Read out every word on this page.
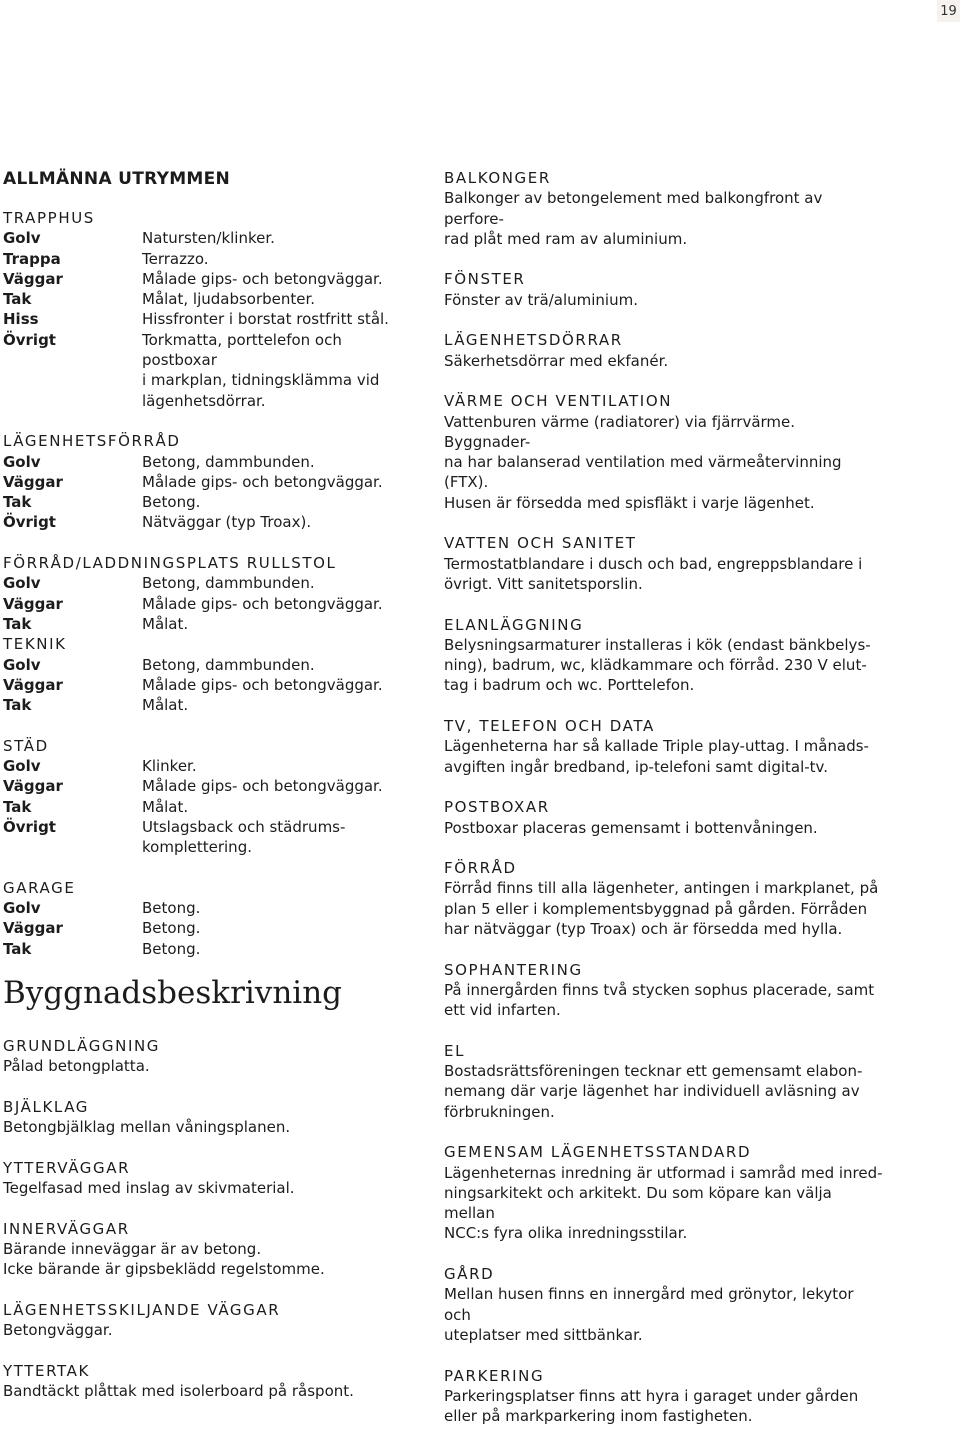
19
ALLMÄNNA UTRYMMEN
TRAPPHUS
Golv	Natursten/klinker.
Trappa	Terrazzo.
Väggar	Målade gips- och betongväggar.
Tak	Målat, ljudabsorbenter.
Hiss	Hissfronter i borstat rostfritt stål.
Övrigt	Torkmatta, porttelefon och postboxar
i markplan, tidningsklämma vid
lägenhetsdörrar.
LÄGENHETSFÖRRÅD
Golv	Betong, dammbunden.
Väggar	Målade gips- och betongväggar.
Tak	Betong.
Övrigt	Nätväggar (typ Troax).
FÖRRÅD/LADDNINGSPLATS RULLSTOL
Golv	Betong, dammbunden.
Väggar	Målade gips- och betongväggar.
Tak	Målat.
TEKNIK
Golv	Betong, dammbunden.
Väggar	Målade gips- och betongväggar.
Tak	Målat.
STÄD
Golv	Klinker.
Väggar	Målade gips- och betongväggar.
Tak	Målat.
Övrigt	Utslagsback och städrums-
komplettering.
GARAGE
Golv	Betong.
Väggar	Betong.
Tak	Betong.
Byggnadsbeskrivning
GRUNDLÄGGNING
Pålad betongplatta.
BJÄLKLAG
Betongbjälklag mellan våningsplanen.
YTTERVÄGGAR
Tegelfasad med inslag av skivmaterial.
INNERVÄGGAR
Bärande inneväggar är av betong.
Icke bärande är gipsbeklädd regelstomme.
LÄGENHETSSKILJANDE VÄGGAR
Betongväggar.
YTTERTAK
Bandtäckt plåttak med isolerboard på råspont.
BALKONGER
Balkonger av betongelement med balkongfront av perfore-
rad plåt med ram av aluminium.
FÖNSTER
Fönster av trä/aluminium.
LÄGENHETSDÖRRAR
Säkerhetsdörrar med ekfanér.
VÄRME OCH VENTILATION
Vattenburen värme (radiatorer) via fjärrvärme. Byggnader-
na har balanserad ventilation med värmeåtervinning (FTX).
Husen är försedda med spisfläkt i varje lägenhet.
VATTEN OCH SANITET
Termostatblandare i dusch och bad, engreppsblandare i
övrigt. Vitt sanitetsporslin.
ELANLÄGGNING
Belysningsarmaturer installeras i kök (endast bänkbelys-
ning), badrum, wc, klädkammare och förråd. 230 V elut-
tag i badrum och wc. Porttelefon.
TV, TELEFON OCH DATA
Lägenheterna har så kallade Triple play-uttag. I månads-
avgiften ingår bredband, ip-telefoni samt digital-tv.
POSTBOXAR
Postboxar placeras gemensamt i bottenvåningen.
FÖRRÅD
Förråd finns till alla lägenheter, antingen i markplanet, på
plan 5 eller i komplementsbyggnad på gården. Förråden
har nätväggar (typ Troax) och är försedda med hylla.
SOPHANTERING
På innergården finns två stycken sophus placerade, samt
ett vid infarten.
EL
Bostadsrättsföreningen tecknar ett gemensamt elabon-
nemang där varje lägenhet har individuell avläsning av
förbrukningen.
GEMENSAM LÄGENHETSSTANDARD
Lägenheternas inredning är utformad i samråd med inred-
ningsarkitekt och arkitekt. Du som köpare kan välja mellan
NCC:s fyra olika inredningsstilar.
GÅRD
Mellan husen finns en innergård med grönytor, lekytor och
uteplatser med sittbänkar.
PARKERING
Parkeringsplatser finns att hyra i garaget under gården
eller på markparkering inom fastigheten.
